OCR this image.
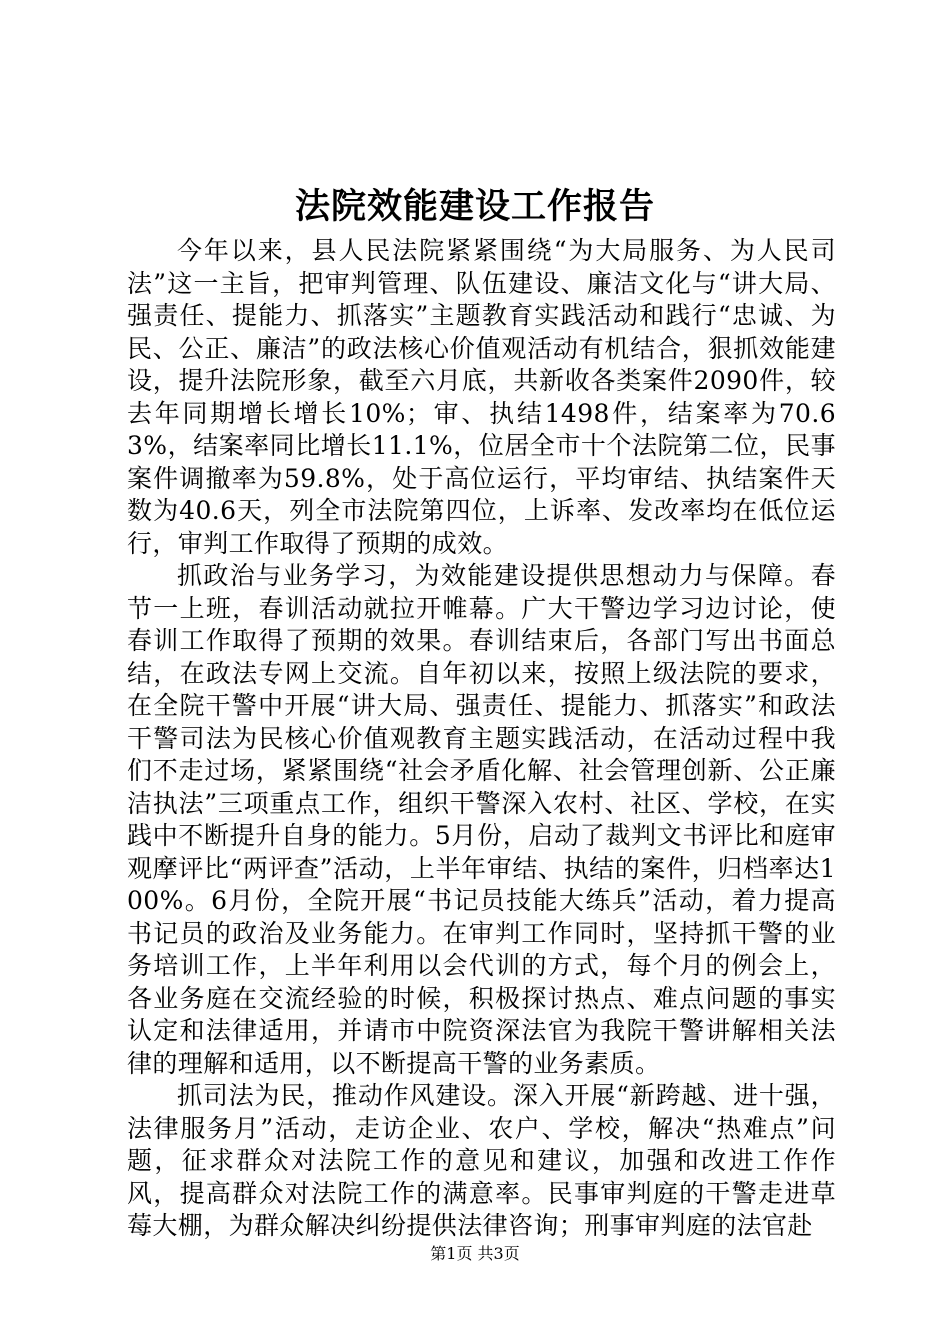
法院效能建设工作报告

今年以来，县人民法院紧紧围绕“为大局服务、为人民司法”这一主旨，把审判管理、队伍建设、廉洁文化与“讲大局、强责任、提能力、抓落实”主题教育实践活动和践行“忠诚、为民、公正、廉洁”的政法核心价值观活动有机结合，狠抓效能建设，提升法院形象，截至六月底，共新收各类案件2090件，较去年同期增长增长10%；审、执结1498件，结案率为70.63%，结案率同比增长11.1%，位居全市十个法院第二位，民事案件调撤率为59.8%，处于高位运行，平均审结、执结案件天数为40.6天，列全市法院第四位，上诉率、发改率均在低位运行，审判工作取得了预期的成效。

抓政治与业务学习，为效能建设提供思想动力与保障。春节一上班，春训活动就拉开帷幕。广大干警边学习边讨论，使春训工作取得了预期的效果。春训结束后，各部门写出书面总结，在政法专网上交流。自年初以来，按照上级法院的要求，在全院干警中开展“讲大局、强责任、提能力、抓落实”和政法干警司法为民核心价值观教育主题实践活动，在活动过程中我们不走过场，紧紧围绕“社会矛盾化解、社会管理创新、公正廉洁执法”三项重点工作，组织干警深入农村、社区、学校，在实践中不断提升自身的能力。5月份，启动了裁判文书评比和庭审观摩评比“两评查”活动，上半年审结、执结的案件，归档率达100%。6月份，全院开展“书记员技能大练兵”活动，着力提高书记员的政治及业务能力。在审判工作同时，坚持抓干警的业务培训工作，上半年利用以会代训的方式，每个月的例会上，各业务庭在交流经验的时候，积极探讨热点、难点问题的事实认定和法律适用，并请市中院资深法官为我院干警讲解相关法律的理解和适用，以不断提高干警的业务素质。

抓司法为民，推动作风建设。深入开展“新跨越、进十强，法律服务月”活动，走访企业、农户、学校，解决“热难点”问题，征求群众对法院工作的意见和建议，加强和改进工作作风，提高群众对法院工作的满意率。民事审判庭的干警走进草莓大棚，为群众解决纠纷提供法律咨询；刑事审判庭的法官赴

第1页 共3页
